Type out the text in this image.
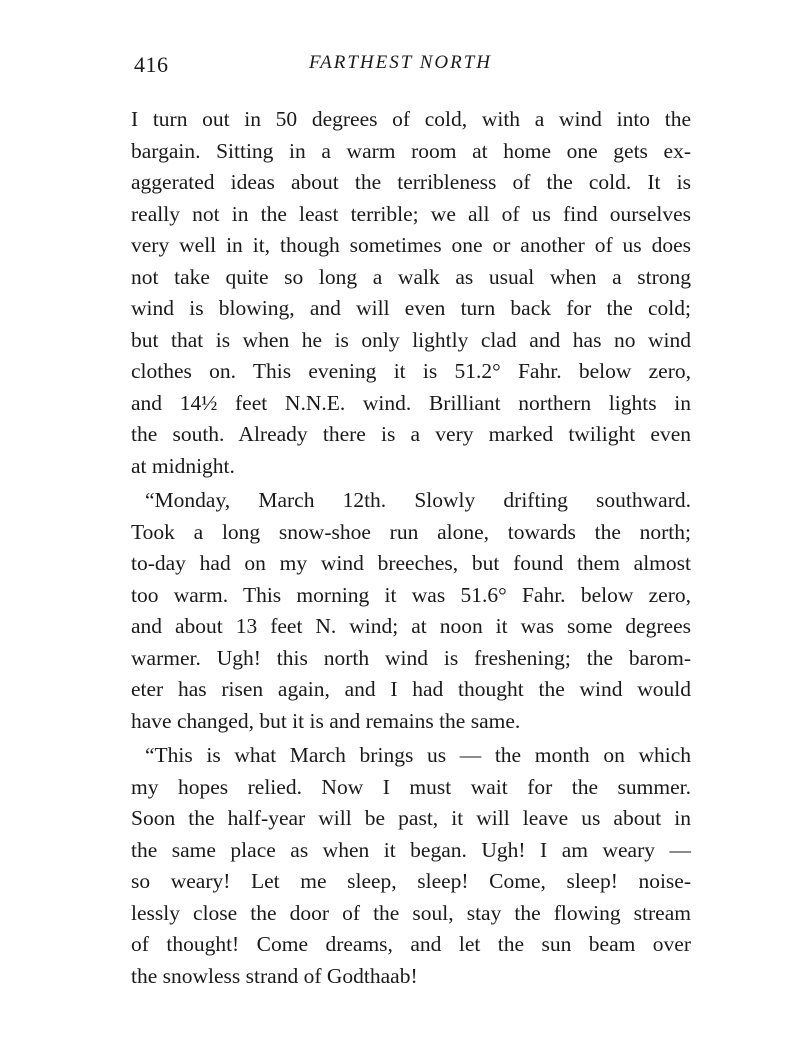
416	FARTHEST NORTH
I turn out in 50 degrees of cold, with a wind into the
bargain. Sitting in a warm room at home one gets ex-
aggerated ideas about the terribleness of the cold. It is
really not in the least terrible; we all of us find ourselves
very well in it, though sometimes one or another of us does
not take quite so long a walk as usual when a strong
wind is blowing, and will even turn back for the cold;
but that is when he is only lightly clad and has no wind
clothes on. This evening it is 51.2° Fahr. below zero,
and 14½ feet N.N.E. wind. Brilliant northern lights in
the south. Already there is a very marked twilight even
at midnight.
“Monday, March 12th. Slowly drifting southward.
Took a long snow-shoe run alone, towards the north;
to-day had on my wind breeches, but found them almost
too warm. This morning it was 51.6° Fahr. below zero,
and about 13 feet N. wind; at noon it was some degrees
warmer. Ugh! this north wind is freshening; the barom-
eter has risen again, and I had thought the wind would
have changed, but it is and remains the same.
“This is what March brings us — the month on which
my hopes relied. Now I must wait for the summer.
Soon the half-year will be past, it will leave us about in
the same place as when it began. Ugh! I am weary —
so weary! Let me sleep, sleep! Come, sleep! noise-
lessly close the door of the soul, stay the flowing stream
of thought! Come dreams, and let the sun beam over
the snowless strand of Godthaab!
